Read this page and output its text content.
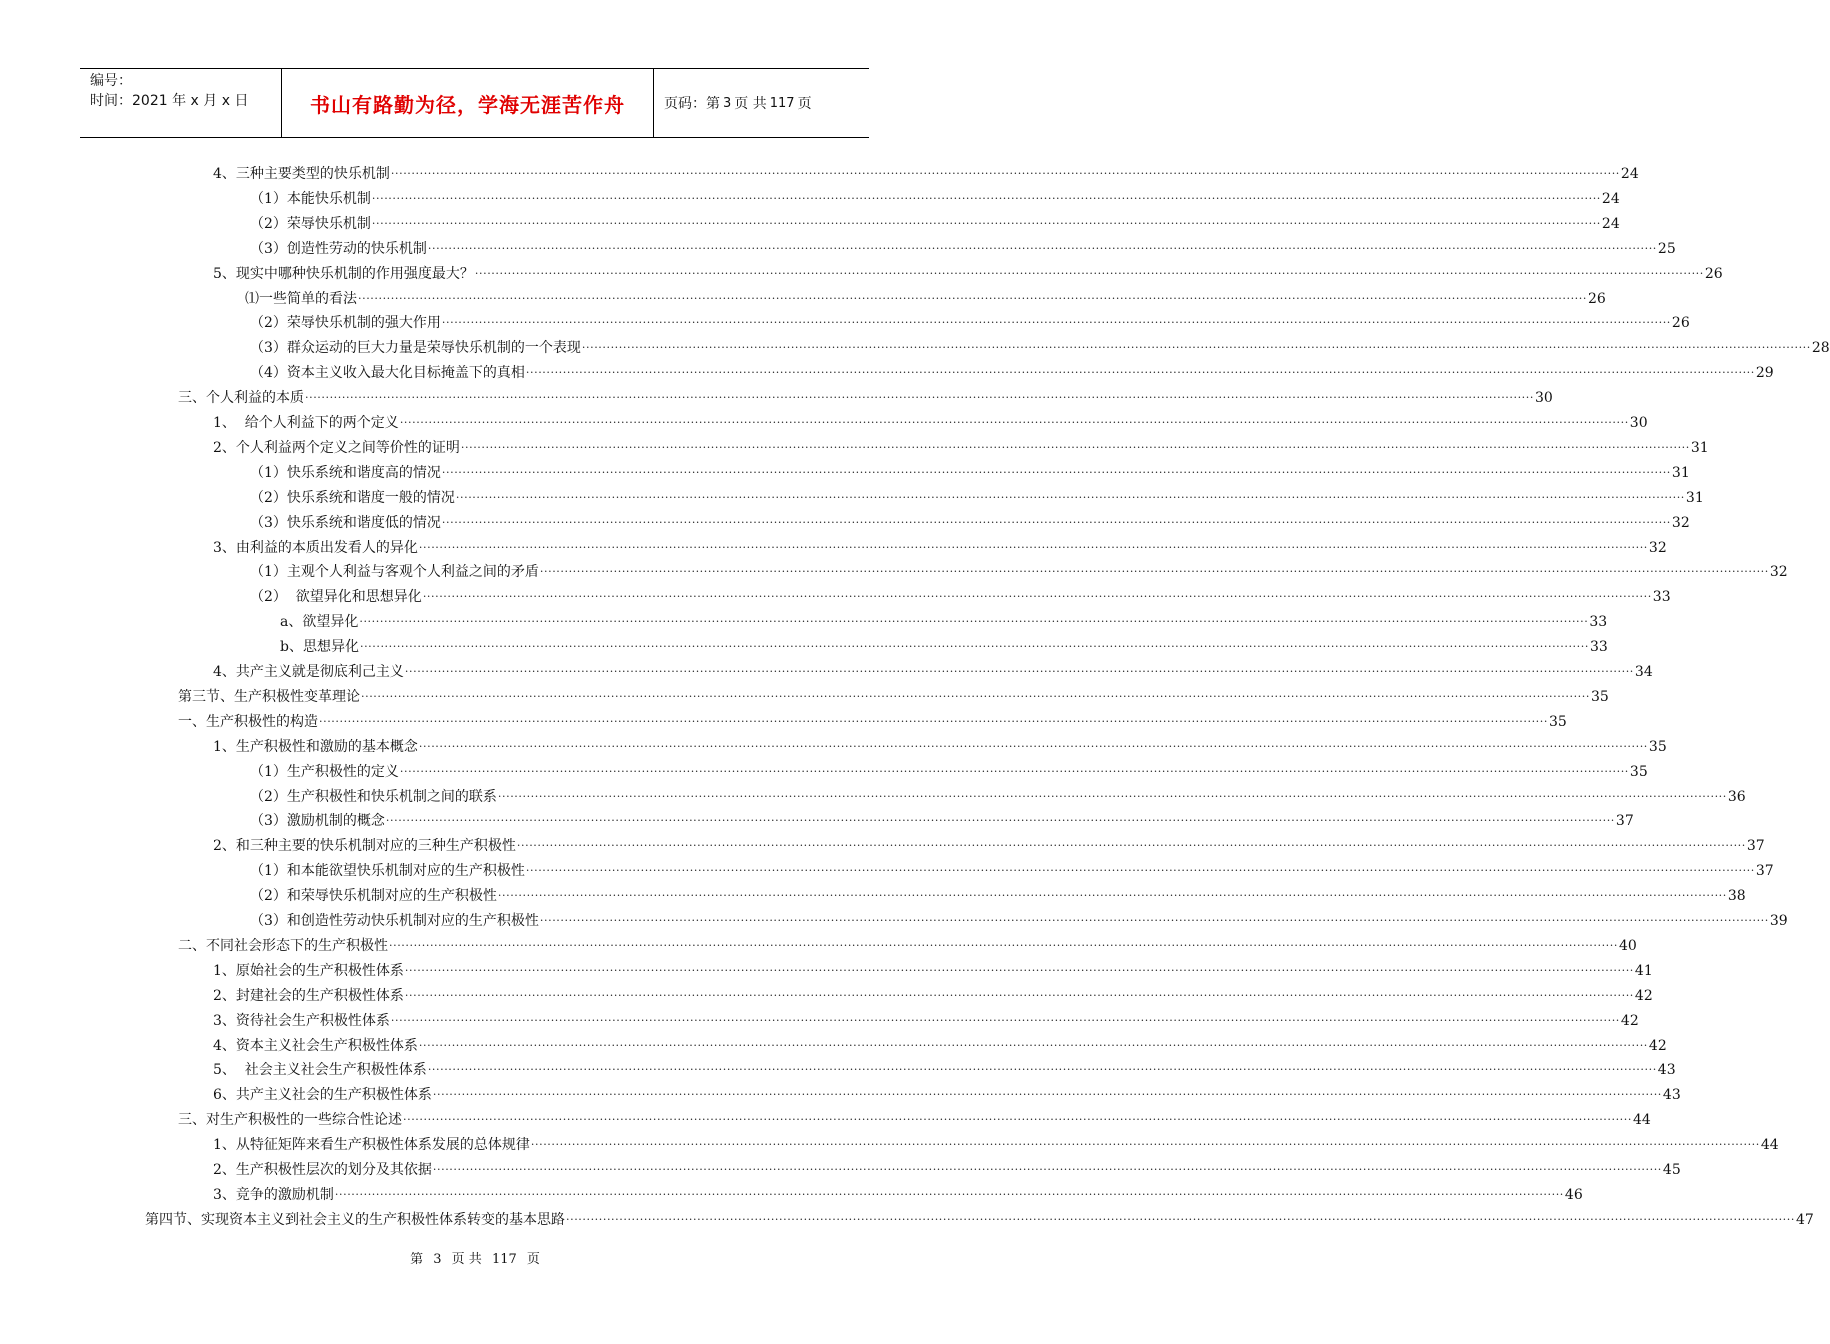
编号：
时间：2021 年 x 月 x 日	书山有路勤为径，学海无涯苦作舟	页码：第 3 页 共 117 页
4、三种主要类型的快乐机制 ............................................................................................................................................................................................................................................................................................................ 24
（1）本能快乐机制 ............................................................................................................................................................................................................................................................................................................ 24
（2）荣辱快乐机制 ............................................................................................................................................................................................................................................................................................................ 24
（3）创造性劳动的快乐机制 ............................................................................................................................................................................................................................................................................................................ 25
5、现实中哪种快乐机制的作用强度最大？ ............................................................................................................................................................................................................................................................................................................ 26
⑴一些简单的看法 ............................................................................................................................................................................................................................................................................................................ 26
（2）荣辱快乐机制的强大作用 ............................................................................................................................................................................................................................................................................................................ 26
（3）群众运动的巨大力量是荣辱快乐机制的一个表现 ............................................................................................................................................................................................................................................................................................................ 28
（4）资本主义收入最大化目标掩盖下的真相 ............................................................................................................................................................................................................................................................................................................ 29
三、个人利益的本质 ............................................................................................................................................................................................................................................................................................................ 30
1、  给个人利益下的两个定义 ............................................................................................................................................................................................................................................................................................................ 30
2、个人利益两个定义之间等价性的证明 ............................................................................................................................................................................................................................................................................................................ 31
（1）快乐系统和谐度高的情况 ............................................................................................................................................................................................................................................................................................................ 31
（2）快乐系统和谐度一般的情况 ............................................................................................................................................................................................................................................................................................................ 31
（3）快乐系统和谐度低的情况 ............................................................................................................................................................................................................................................................................................................ 32
3、由利益的本质出发看人的异化 ............................................................................................................................................................................................................................................................................................................ 32
（1）主观个人利益与客观个人利益之间的矛盾 ............................................................................................................................................................................................................................................................................................................ 32
（2）  欲望异化和思想异化 ............................................................................................................................................................................................................................................................................................................ 33
a、欲望异化 ............................................................................................................................................................................................................................................................................................................ 33
b、思想异化 ............................................................................................................................................................................................................................................................................................................ 33
4、共产主义就是彻底利己主义 ............................................................................................................................................................................................................................................................................................................ 34
第三节、生产积极性变革理论 ............................................................................................................................................................................................................................................................................................................ 35
一、生产积极性的构造 ............................................................................................................................................................................................................................................................................................................ 35
1、生产积极性和激励的基本概念 ............................................................................................................................................................................................................................................................................................................ 35
（1）生产积极性的定义 ............................................................................................................................................................................................................................................................................................................ 35
（2）生产积极性和快乐机制之间的联系 ............................................................................................................................................................................................................................................................................................................ 36
（3）激励机制的概念 ............................................................................................................................................................................................................................................................................................................ 37
2、和三种主要的快乐机制对应的三种生产积极性 ............................................................................................................................................................................................................................................................................................................ 37
（1）和本能欲望快乐机制对应的生产积极性 ............................................................................................................................................................................................................................................................................................................ 37
（2）和荣辱快乐机制对应的生产积极性 ............................................................................................................................................................................................................................................................................................................ 38
（3）和创造性劳动快乐机制对应的生产积极性 ............................................................................................................................................................................................................................................................................................................ 39
二、不同社会形态下的生产积极性 ............................................................................................................................................................................................................................................................................................................ 40
1、原始社会的生产积极性体系 ............................................................................................................................................................................................................................................................................................................ 41
2、封建社会的生产积极性体系 ............................................................................................................................................................................................................................................................................................................ 42
3、资待社会生产积极性体系 ............................................................................................................................................................................................................................................................................................................ 42
4、资本主义社会生产积极性体系 ............................................................................................................................................................................................................................................................................................................ 42
5、  社会主义社会生产积极性体系 ............................................................................................................................................................................................................................................................................................................ 43
6、共产主义社会的生产积极性体系 ............................................................................................................................................................................................................................................................................................................ 43
三、对生产积极性的一些综合性论述 ............................................................................................................................................................................................................................................................................................................ 44
1、从特征矩阵来看生产积极性体系发展的总体规律 ............................................................................................................................................................................................................................................................................................................ 44
2、生产积极性层次的划分及其依据 ............................................................................................................................................................................................................................................................................................................ 45
3、竞争的激励机制 ............................................................................................................................................................................................................................................................................................................ 46
第四节、实现资本主义到社会主义的生产积极性体系转变的基本思路 ............................................................................................................................................................................................................................................................................................................ 47
第 3 页 共 117 页
